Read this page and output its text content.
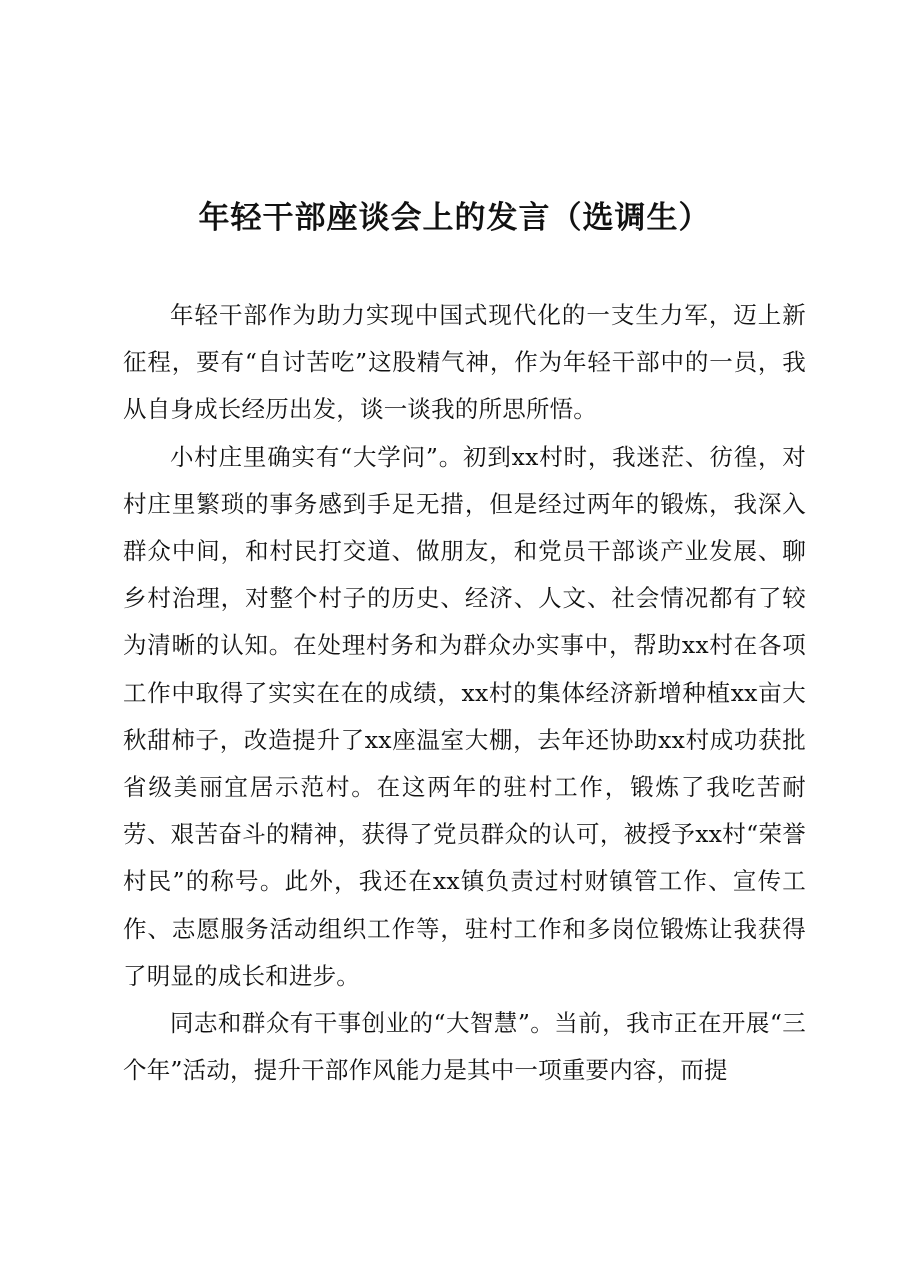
年轻干部座谈会上的发言（选调生）

年轻干部作为助力实现中国式现代化的一支生力军，迈上新征程，要有“自讨苦吃”这股精气神，作为年轻干部中的一员，我从自身成长经历出发，谈一谈我的所思所悟。

小村庄里确实有“大学问”。初到xx村时，我迷茫、彷徨，对村庄里繁琐的事务感到手足无措，但是经过两年的锻炼，我深入群众中间，和村民打交道、做朋友，和党员干部谈产业发展、聊乡村治理，对整个村子的历史、经济、人文、社会情况都有了较为清晰的认知。在处理村务和为群众办实事中，帮助xx村在各项工作中取得了实实在在的成绩，xx村的集体经济新增种植xx亩大秋甜柿子，改造提升了xx座温室大棚，去年还协助xx村成功获批省级美丽宜居示范村。在这两年的驻村工作，锻炼了我吃苦耐劳、艰苦奋斗的精神，获得了党员群众的认可，被授予xx村“荣誉村民”的称号。此外，我还在xx镇负责过村财镇管工作、宣传工作、志愿服务活动组织工作等，驻村工作和多岗位锻炼让我获得了明显的成长和进步。

同志和群众有干事创业的“大智慧”。当前，我市正在开展“三个年”活动，提升干部作风能力是其中一项重要内容，而提
